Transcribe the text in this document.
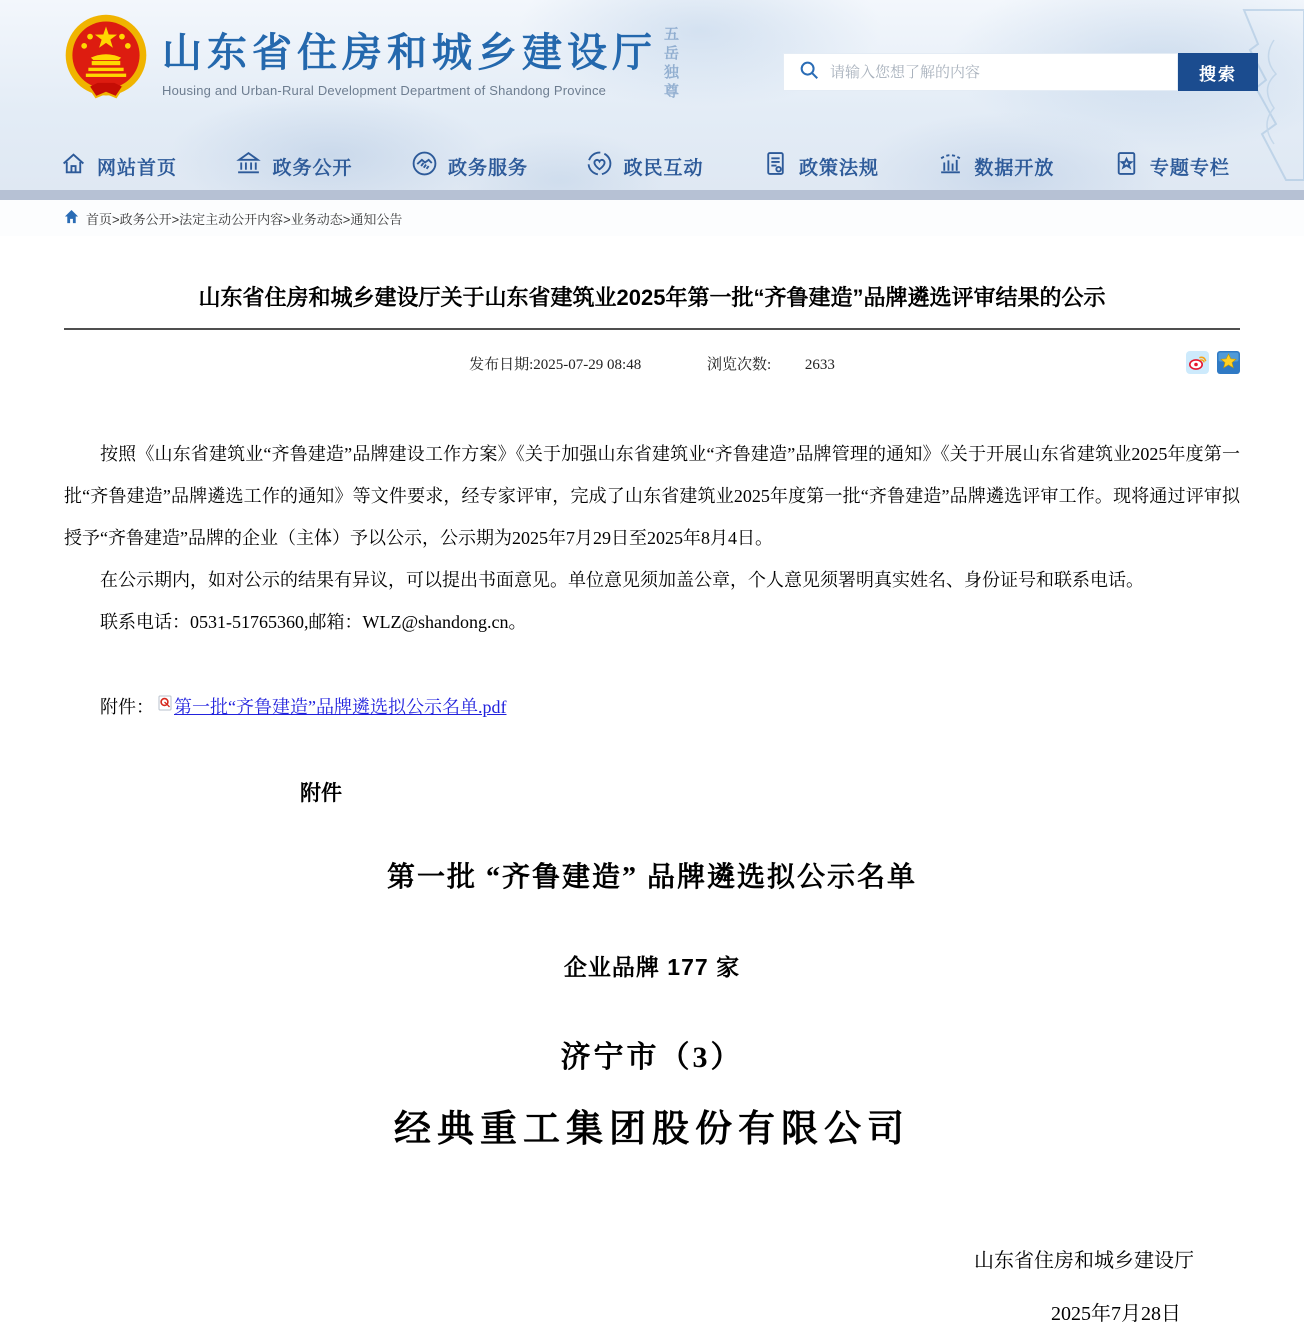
山东省住房和城乡建设厅
Housing and Urban-Rural Development Department of Shandong Province	五岳独尊
请输入您想了解的内容	搜索
网站首页	政务公开	政务服务	政民互动	政策法规	数据开放	专题专栏
首页>政务公开>法定主动公开内容>业务动态>通知公告
山东省住房和城乡建设厅关于山东省建筑业2025年第一批“齐鲁建造”品牌遴选评审结果的公示
发布日期:2025-07-29 08:48	浏览次数: 2633

按照《山东省建筑业“齐鲁建造”品牌建设工作方案》《关于加强山东省建筑业“齐鲁建造”品牌管理的通知》《关于开展山东省建筑业2025年度第一批“齐鲁建造”品牌遴选工作的通知》等文件要求，经专家评审，完成了山东省建筑业2025年度第一批“齐鲁建造”品牌遴选评审工作。现将通过评审拟授予“齐鲁建造”品牌的企业（主体）予以公示，公示期为2025年7月29日至2025年8月4日。

在公示期内，如对公示的结果有异议，可以提出书面意见。单位意见须加盖公章，个人意见须署明真实姓名、身份证号和联系电话。

联系电话：0531-51765360,邮箱：WLZ@shandong.cn。

附件： 第一批“齐鲁建造”品牌遴选拟公示名单.pdf
附件
第一批 “齐鲁建造” 品牌遴选拟公示名单
企业品牌 177 家
济宁市（3）
经典重工集团股份有限公司
山东省住房和城乡建设厅
2025年7月28日
